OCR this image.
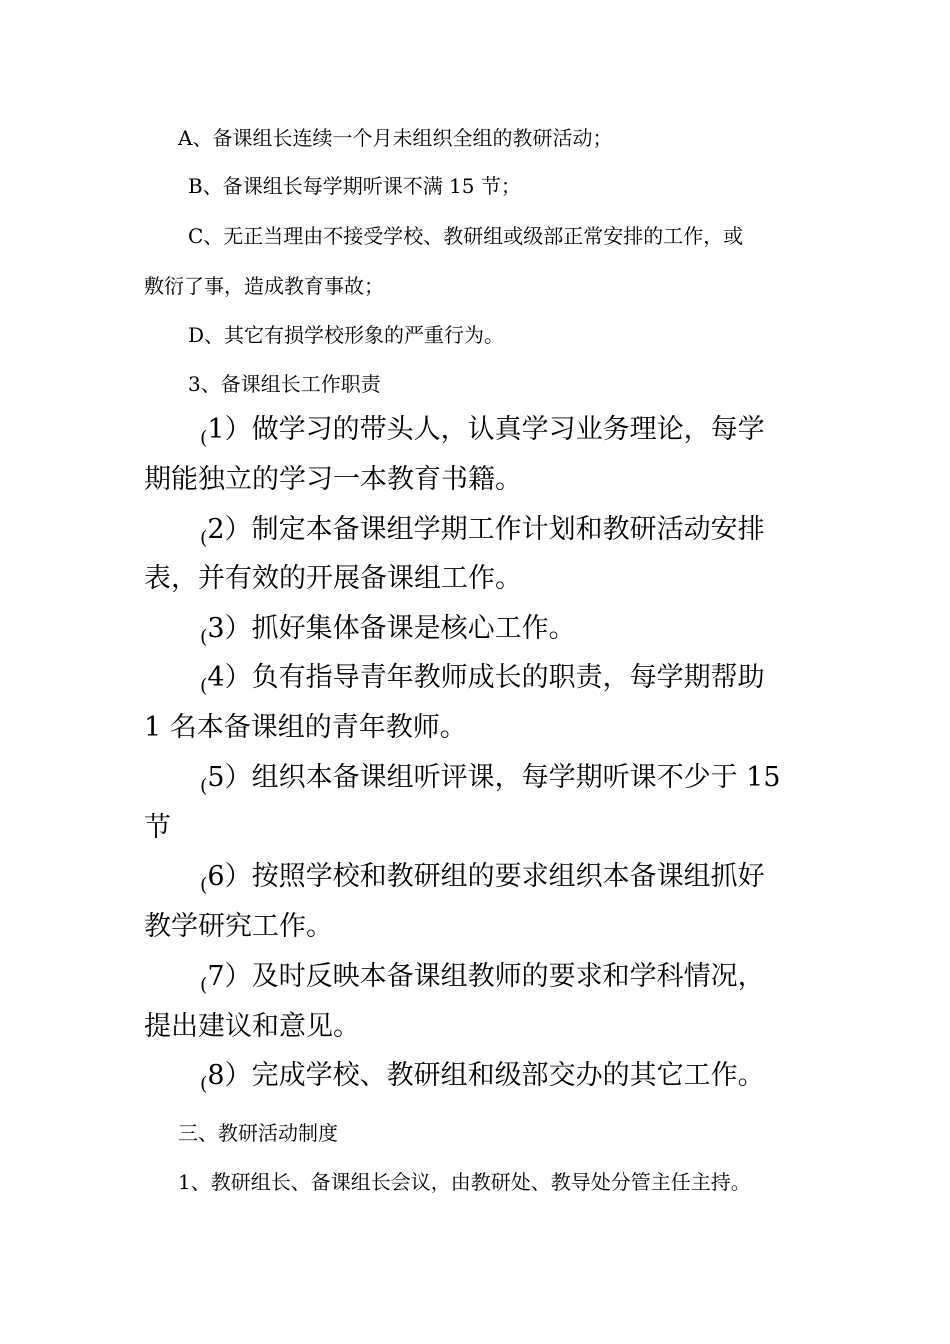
A、备课组长连续一个月未组织全组的教研活动；

B、备课组长每学期听课不满 15 节；

C、无正当理由不接受学校、教研组或级部正常安排的工作，或

敷衍了事，造成教育事故；

D、其它有损学校形象的严重行为。

3、备课组长工作职责

(1）做学习的带头人，认真学习业务理论，每学

期能独立的学习一本教育书籍。

(2）制定本备课组学期工作计划和教研活动安排

表，并有效的开展备课组工作。

(3）抓好集体备课是核心工作。

(4）负有指导青年教师成长的职责，每学期帮助

1 名本备课组的青年教师。

(5）组织本备课组听评课，每学期听课不少于 15

节

(6）按照学校和教研组的要求组织本备课组抓好

教学研究工作。

(7）及时反映本备课组教师的要求和学科情况，

提出建议和意见。

(8）完成学校、教研组和级部交办的其它工作。

三、教研活动制度

1、教研组长、备课组长会议，由教研处、教导处分管主任主持。
